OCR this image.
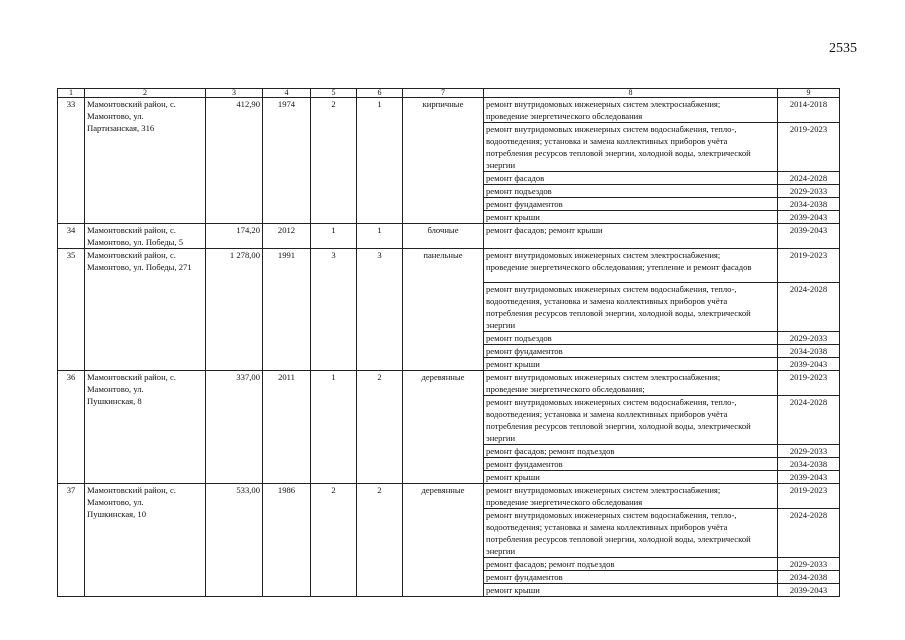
2535
1	2	3	4	5	6	7	8	9
33	Мамонтовский район, с.
Мамонтово, ул.
Партизанская, 316	412,90	1974	2	1	кирпичные	ремонт внутридомовых инженерных систем электроснабжения;
проведение энергетического обследования	2014-2018
							ремонт внутридомовых инженерных систем водоснабжения, тепло-,
водоотведения; установка и замена коллективных приборов учёта
потребления ресурсов тепловой энергии, холодной воды, электрической
энергии	2019-2023
							ремонт фасадов	2024-2028
							ремонт подъездов	2029-2033
							ремонт фундаментов	2034-2038
							ремонт крыши	2039-2043
34	Мамонтовский район, с.
Мамонтово, ул. Победы, 5	174,20	2012	1	1	блочные	ремонт фасадов; ремонт крыши	2039-2043
35	Мамонтовский район, с.
Мамонтово, ул. Победы, 271	1 278,00	1991	3	3	панельные	ремонт внутридомовых инженерных систем электроснабжения;
проведение энергетического обследования; утепление и ремонт фасадов	2019-2023
							ремонт внутридомовых инженерных систем водоснабжения, тепло-,
водоотведения, установка и замена коллективных приборов учёта
потребления ресурсов тепловой энергии, холодной воды, электрической
энергии	2024-2028
							ремонт подъездов	2029-2033
							ремонт фундаментов	2034-2038
							ремонт крыши	2039-2043
36	Мамонтовский район, с.
Мамонтово, ул.
Пушкинская, 8	337,00	2011	1	2	деревянные	ремонт внутридомовых инженерных систем электроснабжения;
проведение энергетического обследования;	2019-2023
							ремонт внутридомовых инженерных систем водоснабжения, тепло-,
водоотведения; установка и замена коллективных приборов учёта
потребления ресурсов тепловой энергии, холодной воды, электрической
энергии	2024-2028
							ремонт фасадов; ремонт подъездов	2029-2033
							ремонт фундаментов	2034-2038
							ремонт крыши	2039-2043
37	Мамонтовский район, с.
Мамонтово, ул.
Пушкинская, 10	533,00	1986	2	2	деревянные	ремонт внутридомовых инженерных систем электроснабжения;
проведение энергетического обследования	2019-2023
							ремонт внутридомовых инженерных систем водоснабжения, тепло-,
водоотведения; установка и замена коллективных приборов учёта
потребления ресурсов тепловой энергии, холодной воды, электрической
энергии	2024-2028
							ремонт фасадов; ремонт подъездов	2029-2033
							ремонт фундаментов	2034-2038
							ремонт крыши	2039-2043
